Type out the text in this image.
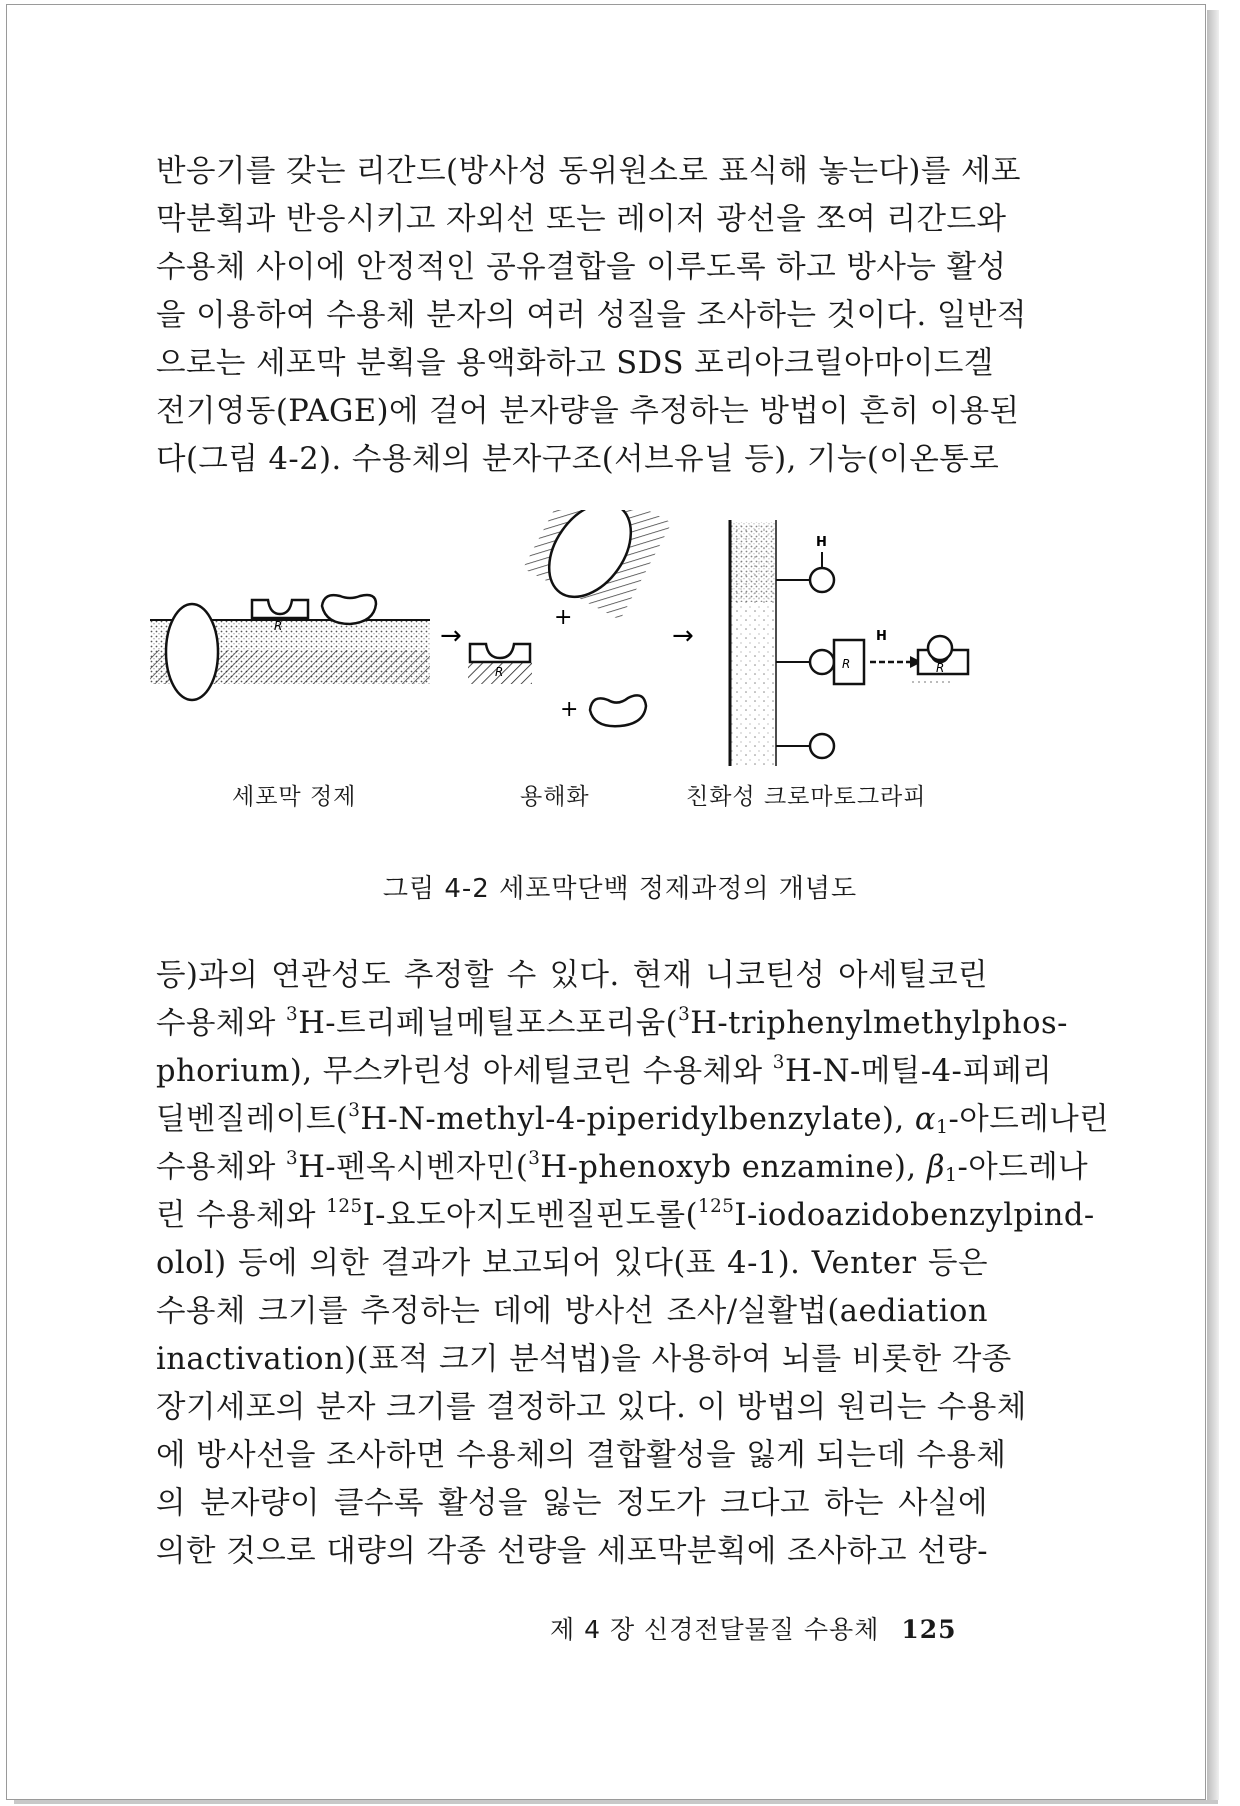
반응기를 갖는 리간드(방사성 동위원소로 표식해 놓는다)를 세포
막분획과 반응시키고 자외선 또는 레이저 광선을 쪼여 리간드와
수용체 사이에 안정적인 공유결합을 이루도록 하고 방사능 활성
을 이용하여 수용체 분자의 여러 성질을 조사하는 것이다. 일반적
으로는 세포막 분획을 용액화하고 SDS 포리아크릴아마이드겔
전기영동(PAGE)에 걸어 분자량을 추정하는 방법이 흔히 이용된
다(그림 4-2). 수용체의 분자구조(서브유닐 등), 기능(이온통로
R	→
+
R
+
→
H
R
H
R
세포막 정제	용해화	친화성 크로마토그라피

그림 4-2 세포막단백 정제과정의 개념도

등)과의 연관성도 추정할 수 있다. 현재 니코틴성 아세틸코린
수용체와 $^3$H-트리페닐메틸포스포리움($^3$H-triphenylmethylphos-
phorium), 무스카린성 아세틸코린 수용체와 $^3$H-N-메틸-4-피페리
딜벤질레이트($^3$H-N-methyl-4-piperidylbenzylate), $\alpha_1-$아드레나린
수용체와 $^3$H-펜옥시벤자민($^3$H-phenoxyb enzamine), $\beta_1-$아드레나
린 수용체와 $^{125}$I-요도아지도벤질핀도롤($^{125}$I-iodoazidobenzylpind-
olol) 등에 의한 결과가 보고되어 있다(표 4-1). Venter 등은
수용체 크기를 추정하는 데에 방사선 조사/실활법(aediation
inactivation)(표적 크기 분석법)을 사용하여 뇌를 비롯한 각종
장기세포의 분자 크기를 결정하고 있다. 이 방법의 원리는 수용체
에 방사선을 조사하면 수용체의 결합활성을 잃게 되는데 수용체
의 분자량이 클수록 활성을 잃는 정도가 크다고 하는 사실에
의한 것으로 대량의 각종 선량을 세포막분획에 조사하고 선량-
제 4 장 신경전달물질 수용체 125
